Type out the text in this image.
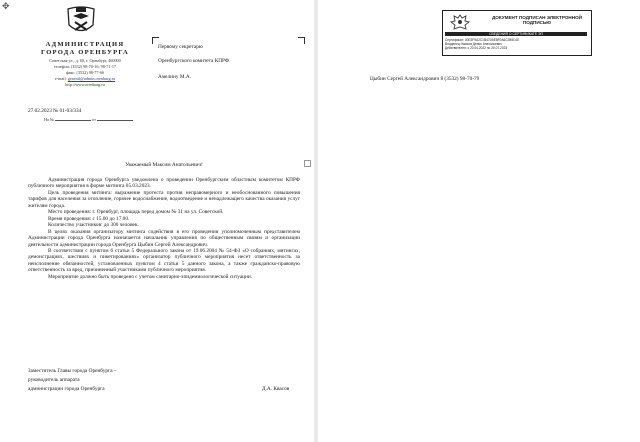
✥
АДМИНИСТРАЦИЯ
ГОРОДА ОРЕНБУРГА
Советская ул., д. 60, г. Оренбург, 460000
телефон: (3532) 98-70-16; 98-71-17
факс: (3532) 98-77-66
e-mail: general@admin.orenburg.ru
http://www.orenburg.ru
27.02.2023 № 01-03/334
На №	от
Первому секретарю
Оренбургского комитета КПРФ
Амелину М.А.
Уважаемый Максим Анатольевич!

Администрация города Оренбурга уведомлена о проведении Оренбургским областным комитетом КПРФ публичного мероприятия в форме митинга 05.03.2023.

Цель проведения митинга: выражение протеста против неправомерного и необоснованного повышения тарифов для населения за отопление, горячее водоснабжение, водоотведение и ненадлежащего качества оказания услуг жителям города.

Место проведения: г. Оренбург, площадь перед домом № 31 на ул. Советской.

Время проведения: с 15.00 до 17.00.

Количество участников: до 300 человек.

В целях оказания организатору митинга содействия в его проведении уполномоченным представителем Администрации города Оренбурга назначается начальник управления по общественным связям и организации деятельности администрации города Оренбурга Цыбин Сергей Александрович.

В соответствии с пунктом 6 статьи 5 Федерального закона от 19.06.2004 № 54-ФЗ «О собраниях, митингах, демонстрациях, шествиях и пикетированиях» организатор публичного мероприятия несет ответственность за неисполнение обязанностей, установленных пунктом 4 статьи 5 данного закона, а также гражданско-правовую ответственность за вред, причиненный участниками публичного мероприятия.

Мероприятие должно быть проведено с учетом санитарно-эпидемиологической ситуации.

Заместитель Главы города Оренбурга –
руководитель аппарата
администрации города Оренбурга	Д.А. Квасов
Цыбин Сергей Александрович 8 (3532) 98-70-79
ДОКУМЕНТ ПОДПИСАН ЭЛЕКТРОННОЙ ПОДПИСЬЮ
СВЕДЕНИЯ О СЕРТИФИКАТЕ ЭП
Сертификат: 00E3F9A2C1B47D5E8F0A6C2B9D1E
Владелец: Квасов Денис Анатольевич
Действителен: с 20.04.2022 по 20.07.2023
